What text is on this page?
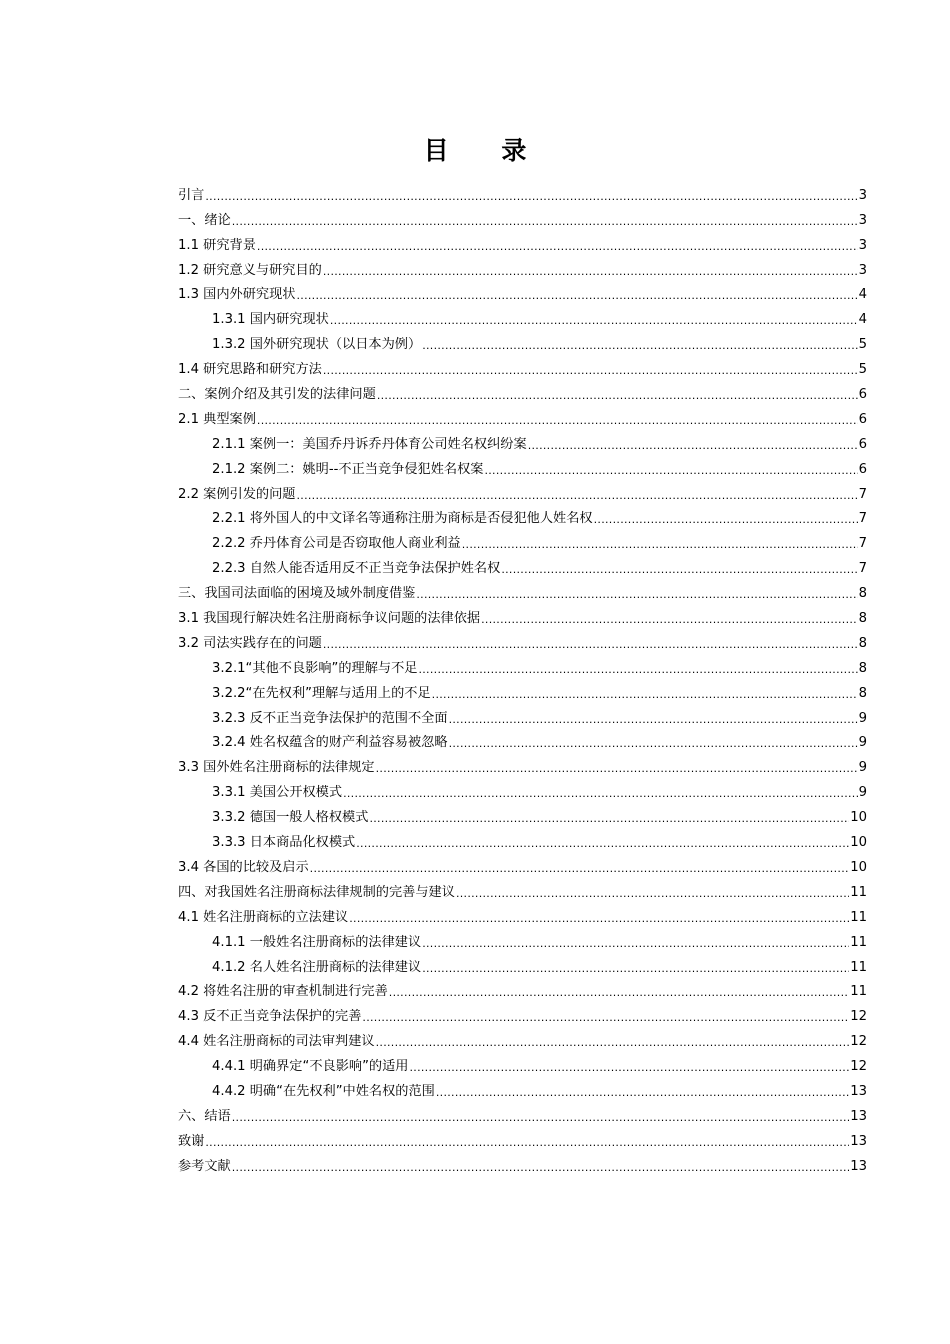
目 录
引言 .....	3
一、绪论 .....	3
1.1 研究背景 .....	3
1.2 研究意义与研究目的 .....	3
1.3 国内外研究现状 .....	4
1.3.1 国内研究现状 .....	4
1.3.2 国外研究现状（以日本为例） .....	5
1.4 研究思路和研究方法 .....	5
二、案例介绍及其引发的法律问题 .....	6
2.1 典型案例 .....	6
2.1.1 案例一：美国乔丹诉乔丹体育公司姓名权纠纷案 .....	6
2.1.2 案例二：姚明--不正当竞争侵犯姓名权案 .....	6
2.2 案例引发的问题 .....	7
2.2.1 将外国人的中文译名等通称注册为商标是否侵犯他人姓名权 .....	7
2.2.2 乔丹体育公司是否窃取他人商业利益 .....	7
2.2.3 自然人能否适用反不正当竞争法保护姓名权 .....	7
三、我国司法面临的困境及域外制度借鉴 .....	8
3.1 我国现行解决姓名注册商标争议问题的法律依据 .....	8
3.2 司法实践存在的问题 .....	8
3.2.1“其他不良影响”的理解与不足 .....	8
3.2.2“在先权利”理解与适用上的不足 .....	8
3.2.3 反不正当竞争法保护的范围不全面 .....	9
3.2.4 姓名权蕴含的财产利益容易被忽略 .....	9
3.3 国外姓名注册商标的法律规定 .....	9
3.3.1 美国公开权模式 .....	9
3.3.2 德国一般人格权模式 .....	10
3.3.3 日本商品化权模式 .....	10
3.4 各国的比较及启示 .....	10
四、对我国姓名注册商标法律规制的完善与建议 .....	11
4.1 姓名注册商标的立法建议 .....	11
4.1.1 一般姓名注册商标的法律建议 .....	11
4.1.2 名人姓名注册商标的法律建议 .....	11
4.2 将姓名注册的审查机制进行完善 .....	11
4.3 反不正当竞争法保护的完善 .....	12
4.4 姓名注册商标的司法审判建议 .....	12
4.4.1 明确界定“不良影响”的适用 .....	12
4.4.2 明确“在先权利”中姓名权的范围 .....	13
六、结语 .....	13
致谢 .....	13
参考文献 .....	13
